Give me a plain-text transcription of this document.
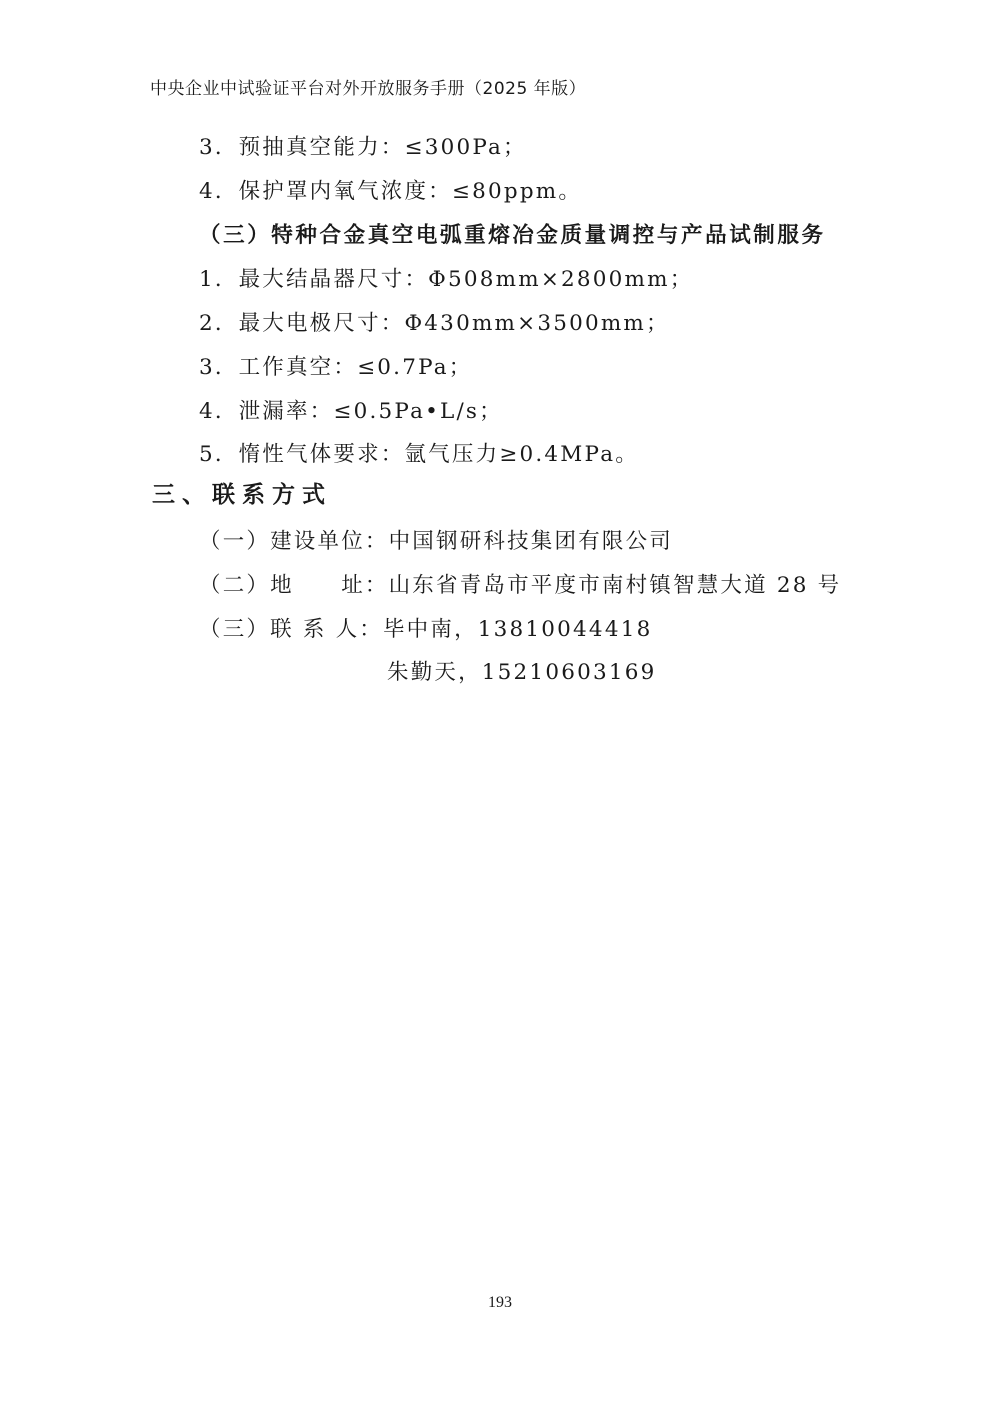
中央企业中试验证平台对外开放服务手册（2025 年版）
3．预抽真空能力：≤300Pa；
4．保护罩内氧气浓度：≤80ppm。
（三）特种合金真空电弧重熔冶金质量调控与产品试制服务
1．最大结晶器尺寸：Φ508mm×2800mm；
2．最大电极尺寸：Φ430mm×3500mm；
3．工作真空：≤0.7Pa；
4．泄漏率：≤0.5Pa•L/s；
5．惰性气体要求：氩气压力≥0.4MPa。
三、联系方式
（一）建设单位：中国钢研科技集团有限公司
（二）地　　址：山东省青岛市平度市南村镇智慧大道 28 号
（三）联 系 人：毕中南，13810044418
朱勤天，15210603169
193
